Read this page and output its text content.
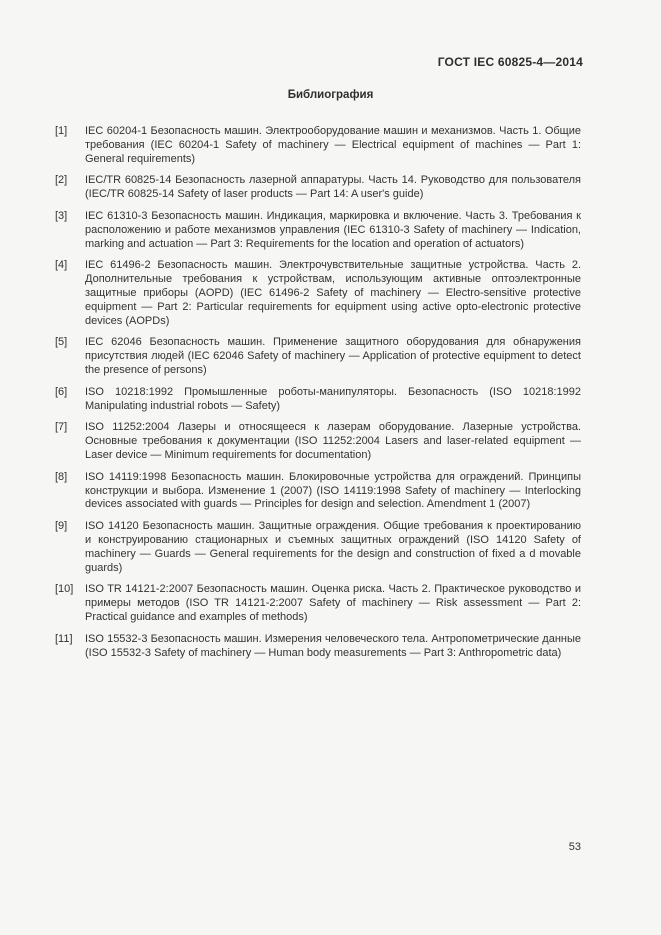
ГОСТ IEC 60825-4—2014
Библиография
[1]	IEC 60204-1 Безопасность машин. Электрооборудование машин и механизмов. Часть 1. Общие требования (IEC 60204-1 Safety of machinery — Electrical equipment of machines — Part 1: General requirements)
[2]	IEC/TR 60825-14 Безопасность лазерной аппаратуры. Часть 14. Руководство для пользователя (IEC/TR 60825-14 Safety of laser products — Part 14: A user's guide)
[3]	IEC 61310-3 Безопасность машин. Индикация, маркировка и включение. Часть 3. Требования к расположению и работе механизмов управления (IEC 61310-3 Safety of machinery — Indication, marking and actuation — Part 3: Requirements for the location and operation of actuators)
[4]	IEC 61496-2 Безопасность машин. Электрочувствительные защитные устройства. Часть 2. Дополнительные требования к устройствам, использующим активные оптоэлектронные защитные приборы (AOPD) (IEC 61496-2 Safety of machinery — Electro-sensitive protective equipment — Part 2: Particular requirements for equipment using active opto-electronic protective devices (AOPDs)
[5]	IEC 62046 Безопасность машин. Применение защитного оборудования для обнаружения присутствия людей (IEC 62046 Safety of machinery — Application of protective equipment to detect the presence of persons)
[6]	ISO 10218:1992 Промышленные роботы-манипуляторы. Безопасность (ISO 10218:1992 Manipulating industrial robots — Safety)
[7]	ISO 11252:2004 Лазеры и относящееся к лазерам оборудование. Лазерные устройства. Основные требования к документации (ISO 11252:2004 Lasers and laser-related equipment — Laser device — Minimum requirements for documentation)
[8]	ISO 14119:1998 Безопасность машин. Блокировочные устройства для ограждений. Принципы конструкции и выбора. Изменение 1 (2007) (ISO 14119:1998 Safety of machinery — Interlocking devices associated with guards — Principles for design and selection. Amendment 1 (2007)
[9]	ISO 14120 Безопасность машин. Защитные ограждения. Общие требования к проектированию и конструированию стационарных и съемных защитных ограждений (ISO 14120 Safety of machinery — Guards — General requirements for the design and construction of fixed a d movable guards)
[10]	ISO TR 14121-2:2007 Безопасность машин. Оценка риска. Часть 2. Практическое руководство и примеры методов (ISO TR 14121-2:2007 Safety of machinery — Risk assessment — Part 2: Practical guidance and examples of methods)
[11]	ISO 15532-3 Безопасность машин. Измерения человеческого тела. Антропометрические данные (ISO 15532-3 Safety of machinery — Human body measurements — Part 3: Anthropometric data)
53
